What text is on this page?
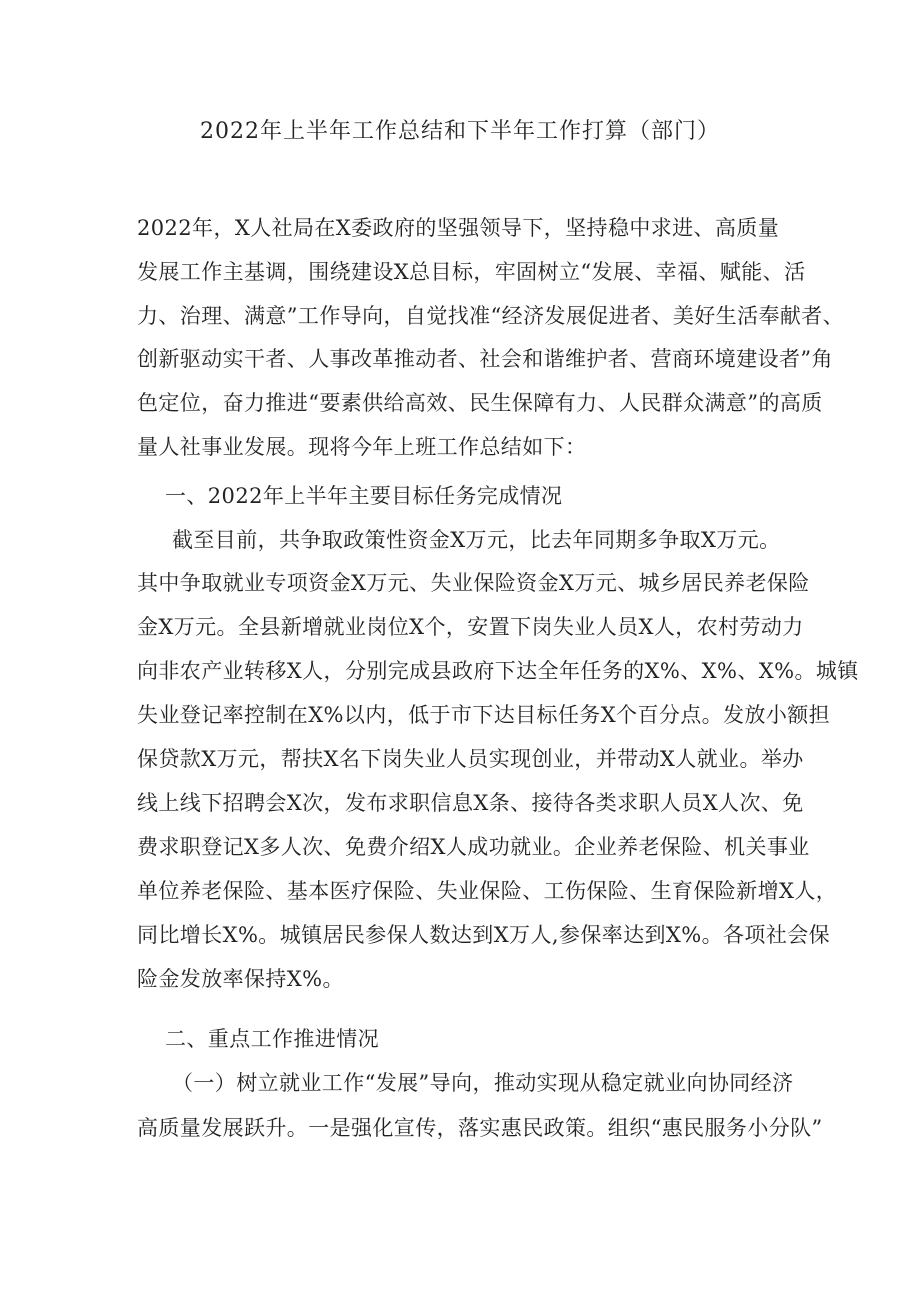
2022年上半年工作总结和下半年工作打算（部门）
2022年，X人社局在X委政府的坚强领导下，坚持稳中求进、高质量
发展工作主基调，围绕建设X总目标，牢固树立“发展、幸福、赋能、活
力、治理、满意”工作导向，自觉找准“经济发展促进者、美好生活奉献者、
创新驱动实干者、人事改革推动者、社会和谐维护者、营商环境建设者”角
色定位，奋力推进“要素供给高效、民生保障有力、人民群众满意”的高质
量人社事业发展。现将今年上班工作总结如下：
一、2022年上半年主要目标任务完成情况
截至目前，共争取政策性资金X万元，比去年同期多争取X万元。
其中争取就业专项资金X万元、失业保险资金X万元、城乡居民养老保险
金X万元。全县新增就业岗位X个，安置下岗失业人员X人，农村劳动力
向非农产业转移X人，分别完成县政府下达全年任务的X%、X%、X%。城镇
失业登记率控制在X%以内，低于市下达目标任务X个百分点。发放小额担
保贷款X万元，帮扶X名下岗失业人员实现创业，并带动X人就业。举办
线上线下招聘会X次，发布求职信息X条、接待各类求职人员X人次、免
费求职登记X多人次、免费介绍X人成功就业。企业养老保险、机关事业
单位养老保险、基本医疗保险、失业保险、工伤保险、生育保险新增X人，
同比增长X%。城镇居民参保人数达到X万人,参保率达到X%。各项社会保
险金发放率保持X%。
二、重点工作推进情况
（一）树立就业工作“发展”导向，推动实现从稳定就业向协同经济
高质量发展跃升。一是强化宣传，落实惠民政策。组织“惠民服务小分队”
